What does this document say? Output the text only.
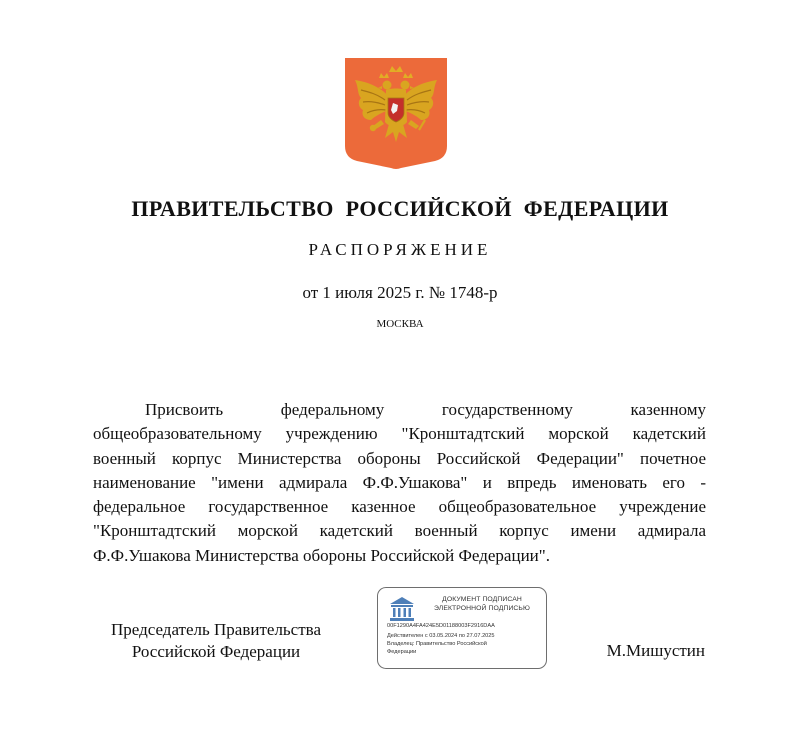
ПРАВИТЕЛЬСТВО РОССИЙСКОЙ ФЕДЕРАЦИИ
РАСПОРЯЖЕНИЕ
от 1 июля 2025 г. № 1748-р
МОСКВА
Присвоить федеральному государственному казенному
общеобразовательному учреждению "Кронштадтский морской кадетский
военный корпус Министерства обороны Российской Федерации" почетное
наименование "имени адмирала Ф.Ф.Ушакова" и впредь именовать его -
федеральное государственное казенное общеобразовательное учреждение
"Кронштадтский морской кадетский военный корпус имени адмирала
Ф.Ф.Ушакова Министерства обороны Российской Федерации".
Председатель Правительства
Российской Федерации
ДОКУМЕНТ ПОДПИСАН
ЭЛЕКТРОННОЙ ПОДПИСЬЮ
00F1290A4FA424E5D01188003F2916DAA
Действителен с 03.05.2024 по 27.07.2025
Владелец: Правительство Российской
Федерации	М.Мишустин
